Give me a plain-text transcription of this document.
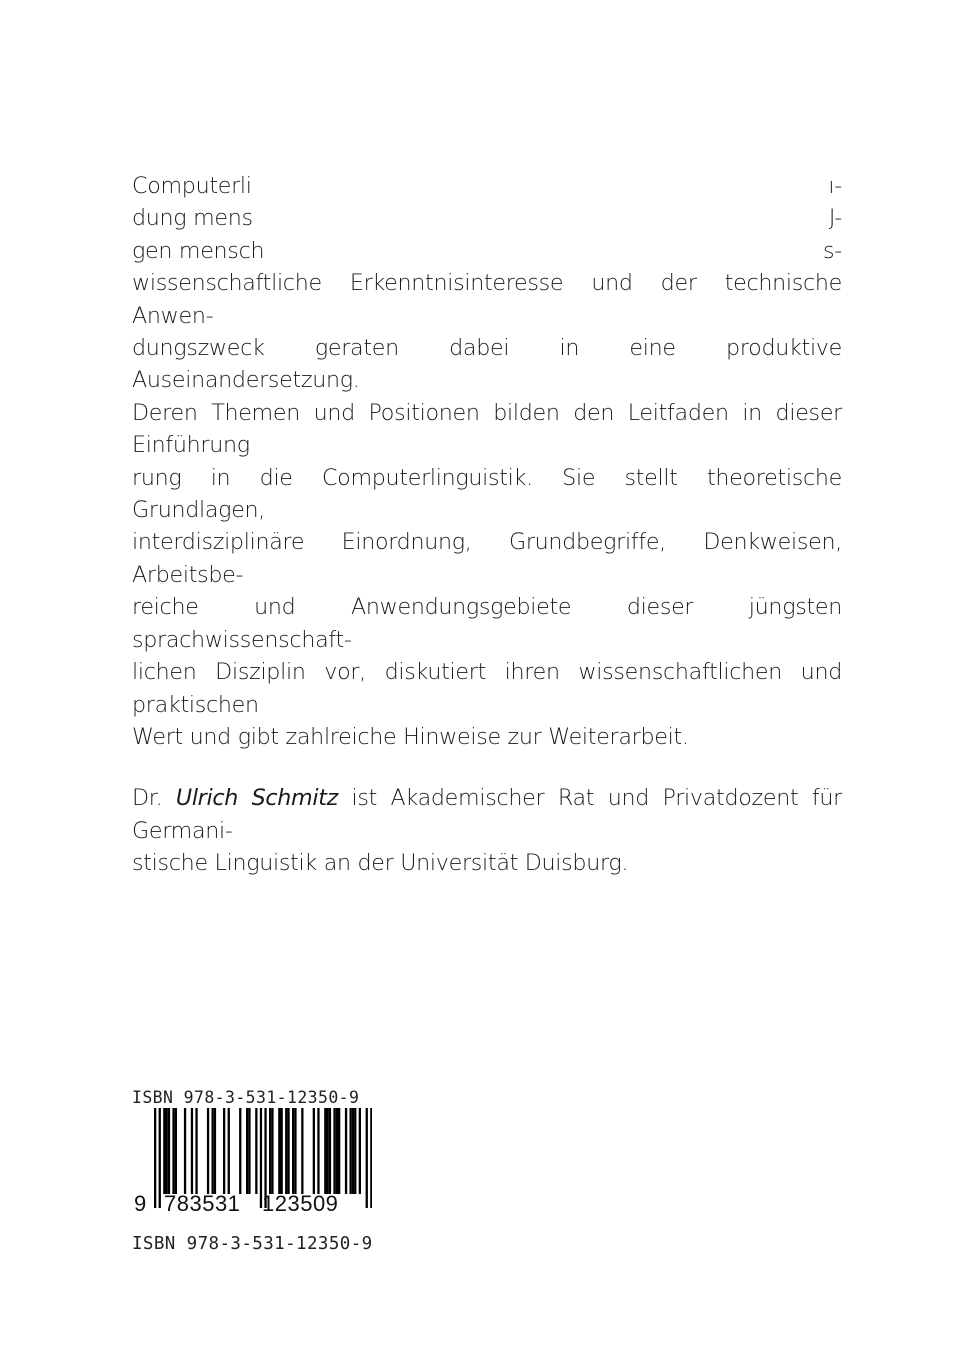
Computerli	ı-
dung mens	J-
gen mensch	s-
wissenschaftliche Erkenntnisinteresse und der technische Anwen-
dungszweck geraten dabei in eine produktive Auseinandersetzung.
Deren Themen und Positionen bilden den Leitfaden in dieser Einführung
rung in die Computerlinguistik. Sie stellt theoretische Grundlagen,
interdisziplinäre Einordnung, Grundbegriffe, Denkweisen, Arbeitsbe-
reiche und Anwendungsgebiete dieser jüngsten sprachwissenschaft-
lichen Disziplin vor, diskutiert ihren wissenschaftlichen und praktischen
Wert und gibt zahlreiche Hinweise zur Weiterarbeit.
Dr. Ulrich Schmitz ist Akademischer Rat und Privatdozent für Germani-
stische Linguistik an der Universität Duisburg.
ISBN 978-3-531-12350-9
9 783531 123509
ISBN 978-3-531-12350-9
